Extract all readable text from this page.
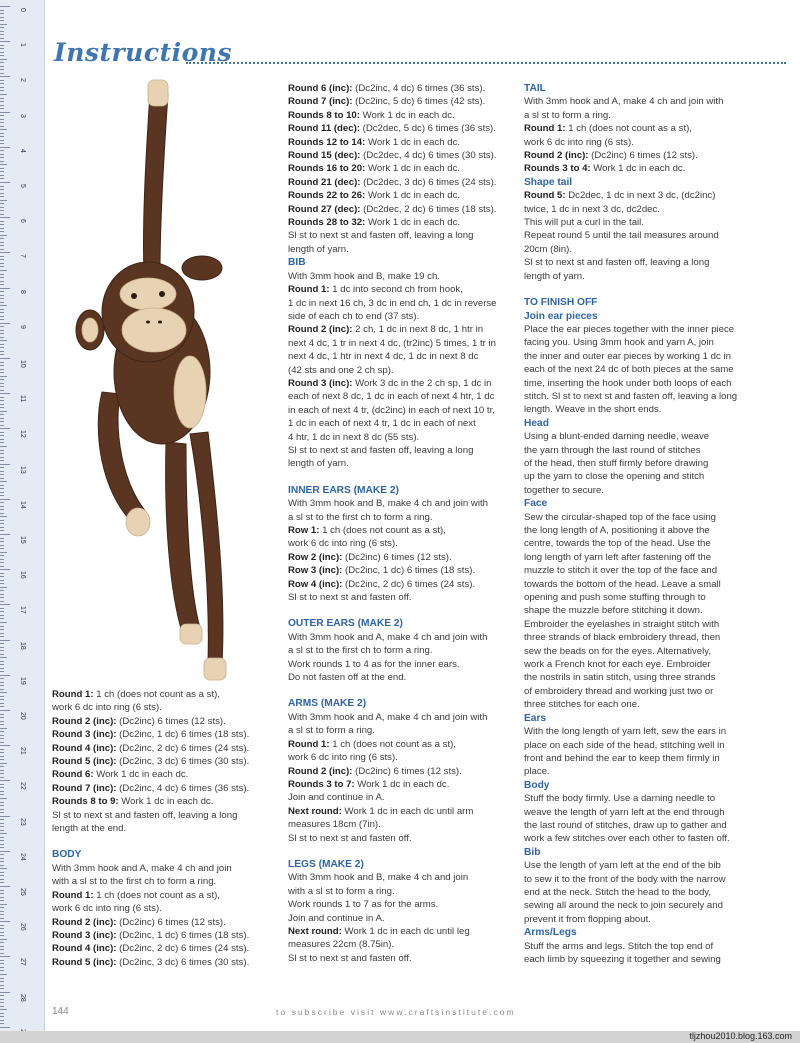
0
1
2
3
4
5
6
7
8
9
10
11
12
13
14
15
16
17
18
19
20
21
22
23
24
25
26
27
28
Instructions

Round 1: 1 ch (does not count as a st),

work 6 dc into ring (6 sts).

Round 2 (inc): (Dc2inc) 6 times (12 sts).

Round 3 (inc): (Dc2inc, 1 dc) 6 times (18 sts).

Round 4 (inc): (Dc2inc, 2 dc) 6 times (24 sts).

Round 5 (inc): (Dc2inc, 3 dc) 6 times (30 sts).

Round 6: Work 1 dc in each dc.

Round 7 (inc): (Dc2inc, 4 dc) 6 times (36 sts).

Rounds 8 to 9: Work 1 dc in each dc.

Sl st to next st and fasten off, leaving a long

length at the end.

BODY

With 3mm hook and A, make 4 ch and join

with a sl st to the first ch to form a ring.

Round 1: 1 ch (does not count as a st),

work 6 dc into ring (6 sts).

Round 2 (inc): (Dc2inc) 6 times (12 sts).

Round 3 (inc): (Dc2inc, 1 dc) 6 times (18 sts).

Round 4 (inc): (Dc2inc, 2 dc) 6 times (24 sts).

Round 5 (inc): (Dc2inc, 3 dc) 6 times (30 sts).

Round 6 (inc): (Dc2inc, 4 dc) 6 times (36 sts).

Round 7 (inc): (Dc2inc, 5 dc) 6 times (42 sts).

Rounds 8 to 10: Work 1 dc in each dc.

Round 11 (dec): (Dc2dec, 5 dc) 6 times (36 sts).

Rounds 12 to 14: Work 1 dc in each dc.

Round 15 (dec): (Dc2dec, 4 dc) 6 times (30 sts).

Rounds 16 to 20: Work 1 dc in each dc.

Round 21 (dec): (Dc2dec, 3 dc) 6 times (24 sts).

Rounds 22 to 26: Work 1 dc in each dc.

Round 27 (dec): (Dc2dec, 2 dc) 6 times (18 sts).

Rounds 28 to 32: Work 1 dc in each dc.

Sl st to next st and fasten off, leaving a long

length of yarn.

BIB

With 3mm hook and B, make 19 ch.

Round 1: 1 dc into second ch from hook,

1 dc in next 16 ch, 3 dc in end ch, 1 dc in reverse

side of each ch to end (37 sts).

Round 2 (inc): 2 ch, 1 dc in next 8 dc, 1 htr in

next 4 dc, 1 tr in next 4 dc, (tr2inc) 5 times, 1 tr in

next 4 dc, 1 htr in next 4 dc, 1 dc in next 8 dc

(42 sts and one 2 ch sp).

Round 3 (inc): Work 3 dc in the 2 ch sp, 1 dc in

each of next 8 dc, 1 dc in each of next 4 htr, 1 dc

in each of next 4 tr, (dc2inc) in each of next 10 tr,

1 dc in each of next 4 tr, 1 dc in each of next

4 htr, 1 dc in next 8 dc (55 sts).

Sl st to next st and fasten off, leaving a long

length of yarn.

INNER EARS (MAKE 2)

With 3mm hook and B, make 4 ch and join with

a sl st to the first ch to form a ring.

Row 1: 1 ch (does not count as a st),

work 6 dc into ring (6 sts).

Row 2 (inc): (Dc2inc) 6 times (12 sts).

Row 3 (inc): (Dc2inc, 1 dc) 6 times (18 sts).

Row 4 (inc): (Dc2inc, 2 dc) 6 times (24 sts).

Sl st to next st and fasten off.

OUTER EARS (MAKE 2)

With 3mm hook and A, make 4 ch and join with

a sl st to the first ch to form a ring.

Work rounds 1 to 4 as for the inner ears.

Do not fasten off at the end.

ARMS (MAKE 2)

With 3mm hook and A, make 4 ch and join with

a sl st to form a ring.

Round 1: 1 ch (does not count as a st),

work 6 dc into ring (6 sts).

Round 2 (inc): (Dc2inc) 6 times (12 sts).

Rounds 3 to 7: Work 1 dc in each dc.

Join and continue in A.

Next round: Work 1 dc in each dc until arm

measures 18cm (7in).

Sl st to next st and fasten off.

LEGS (MAKE 2)

With 3mm hook and B, make 4 ch and join

with a sl st to form a ring.

Work rounds 1 to 7 as for the arms.

Join and continue in A.

Next round: Work 1 dc in each dc until leg

measures 22cm (8.75in).

Sl st to next st and fasten off.

TAIL

With 3mm hook and A, make 4 ch and join with

a sl st to form a ring.

Round 1: 1 ch (does not count as a st),

work 6 dc into ring (6 sts).

Round 2 (inc): (Dc2inc) 6 times (12 sts).

Rounds 3 to 4: Work 1 dc in each dc.

Shape tail

Round 5: Dc2dec, 1 dc in next 3 dc, (dc2inc)

twice, 1 dc in next 3 dc, dc2dec.

This will put a curl in the tail.

Repeat round 5 until the tail measures around

20cm (8in).

Sl st to next st and fasten off, leaving a long

length of yarn.

TO FINISH OFF

Join ear pieces

Place the ear pieces together with the inner piece

facing you. Using 3mm hook and yarn A, join

the inner and outer ear pieces by working 1 dc in

each of the next 24 dc of both pieces at the same

time, inserting the hook under both loops of each

stitch. Sl st to next st and fasten off, leaving a long

length. Weave in the short ends.

Head

Using a blunt-ended darning needle, weave

the yarn through the last round of stitches

of the head, then stuff firmly before drawing

up the yarn to close the opening and stitch

together to secure.

Face

Sew the circular-shaped top of the face using

the long length of A, positioning it above the

centre, towards the top of the head. Use the

long length of yarn left after fastening off the

muzzle to stitch it over the top of the face and

towards the bottom of the head. Leave a small

opening and push some stuffing through to

shape the muzzle before stitching it down.

Embroider the eyelashes in straight stitch with

three strands of black embroidery thread, then

sew the beads on for the eyes. Alternatively,

work a French knot for each eye. Embroider

the nostrils in satin stitch, using three strands

of embroidery thread and working just two or

three stitches for each one.

Ears

With the long length of yarn left, sew the ears in

place on each side of the head, stitching well in

front and behind the ear to keep them firmly in

place.

Body

Stuff the body firmly. Use a darning needle to

weave the length of yarn left at the end through

the last round of stitches, draw up to gather and

work a few stitches over each other to fasten off.

Bib

Use the length of yarn left at the end of the bib

to sew it to the front of the body with the narrow

end at the neck. Stitch the head to the body,

sewing all around the neck to join securely and

prevent it from flopping about.

Arms/Legs

Stuff the arms and legs. Stitch the top end of

each limb by squeezing it together and sewing

144	to subscribe visit www.craftsinstitute.com
tljzhou2010.blog.163.com
